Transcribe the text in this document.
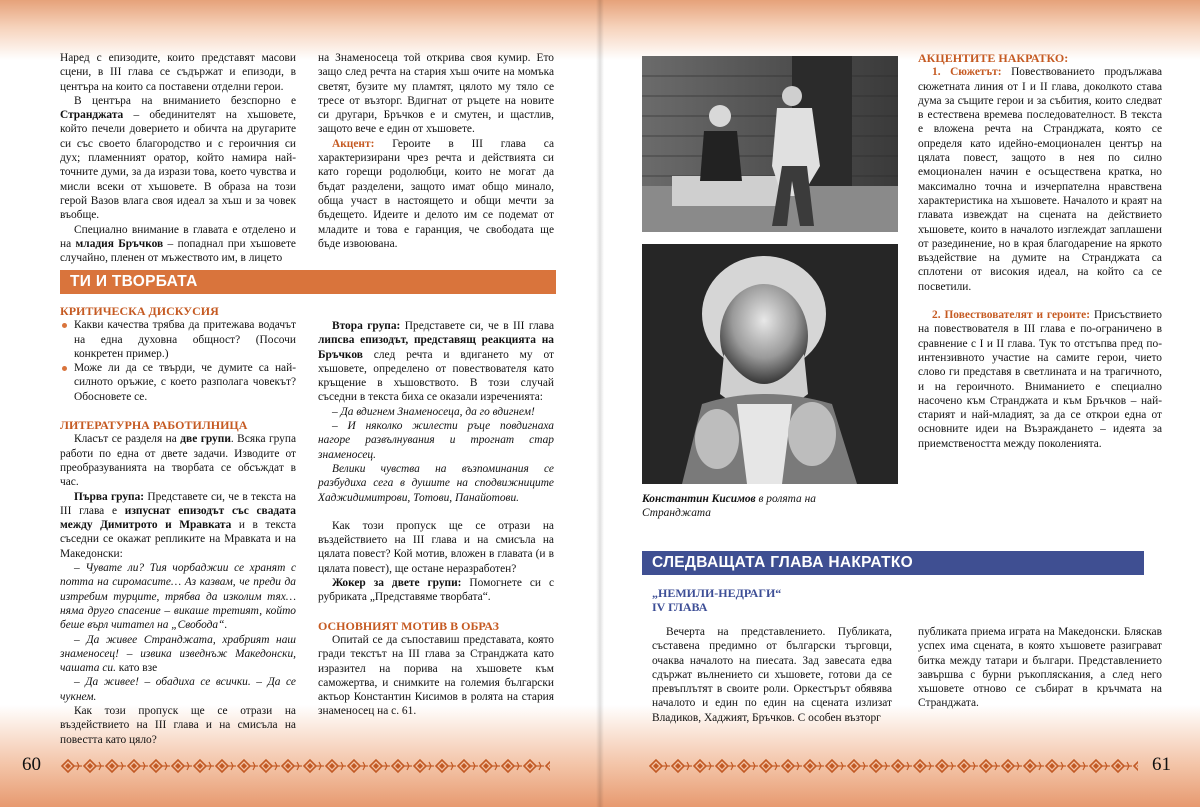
Наред с епизодите, които представят масови сцени, в III глава се съдържат и епизоди, в центъра на които са поставени отделни герои.

В центъра на вниманието безспорно е Странджата – обединителят на хъшовете, който печели доверието и обичта на другарите си със своето благородство и с героичния си дух; пламенният оратор, който намира най-точните думи, за да изрази това, което чувства и мисли всеки от хъшовете. В образа на този герой Вазов влага своя идеал за хъш и за човек въобще.

Специално внимание в главата е отделено и на младия Бръчков – попаднал при хъшовете случайно, пленен от мъжеството им, в лицето

на Знаменосеца той открива своя кумир. Ето защо след речта на стария хъш очите на момъка светят, бузите му пламтят, цялото му тяло се тресе от възторг. Вдигнат от ръцете на новите си другари, Бръчков е и смутен, и щастлив, защото вече е един от хъшовете.

Акцент: Героите в III глава са характеризирани чрез речта и действията си като горещи родолюбци, които не могат да бъдат разделени, защото имат общо минало, обща участ в настоящето и общи мечти за бъдещето. Идеите и делото им се подемат от младите и това е гаранция, че свободата ще бъде извоювана.

ТИ И ТВОРБАТА

КРИТИЧЕСКА ДИСКУСИЯ

Какви качества трябва да притежава водачът на една духовна общност? (Посочи конкретен пример.)
Може ли да се твърди, че думите са най-силното оръжие, с което разполага човекът? Обосновете се.

ЛИТЕРАТУРНА РАБОТИЛНИЦА

Класът се разделя на две групи. Всяка група работи по една от двете задачи. Изводите от преобразуванията на творбата се обсъждат в час.

Първа група: Представете си, че в текста на III глава е изпуснат епизодът със свадата между Димитрото и Мравката и в текста съседни се окажат репликите на Мравката и на Македонски:

– Чувате ли? Тия чорбаджии се хранят с потта на сиромасите… Аз казвам, че преди да изтребим турците, трябва да изколим тях… няма друго спасение – викаше третият, който беше върл читател на „Свобода“.

– Да живее Странджата, храбрият наш знаменосец! – извика изведнъж Македонски, чашата си. като взе

– Да живее! – обадиха се всички. – Да се чукнем.

Как този пропуск ще се отрази на въздействието на III глава и на смисъла на повестта като цяло?

Втора група: Представете си, че в III глава липсва епизодът, представящ реакцията на Бръчков след речта и вдигането му от хъшовете, определено от повествователя като кръщение в хъшовството. В този случай съседни в текста биха се оказали изреченията:

– Да вдигнем Знаменосеца, да го вдигнем!

– И няколко жилести ръце повдигнаха нагоре развълнувания и трогнат стар знаменосец.

Велики чувства на възпоминания се разбудиха сега в душите на сподвижниците Хаджидимитрови, Тотови, Панайотови.

Как този пропуск ще се отрази на въздействието на III глава и на смисъла на цялата повест? Кой мотив, вложен в главата (и в цялата повест), ще остане неразработен?

Жокер за двете групи: Помогнете си с рубриката „Представяме творбата“.

ОСНОВНИЯТ МОТИВ В ОБРАЗ

Опитай се да съпоставиш представата, която гради текстът на III глава за Странджата като изразител на порива на хъшовете към саможертва, и снимките на големия български актьор Константин Кисимов в ролята на стария знаменосец на с. 61.

Константин Кисимов в ролята на Странджата

АКЦЕНТИТЕ НАКРАТКО:

1. Сюжетът: Повествованието продължава сюжетната линия от I и II глава, доколкото става дума за същите герои и за събития, които следват в естествена времева последователност. В текста е вложена речта на Странджата, която се определя като идейно-емоционален център на цялата повест, защото в нея по силно емоционален начин е осъществена кратка, но максимално точна и изчерпателна нравствена характеристика на хъшовете. Началото и краят на главата извеждат на сцената на действието хъшовете, които в началото изглеждат заплашени от разединение, но в края благодарение на яркото въздействие на думите на Странджата са сплотени от високия идеал, на който са се посветили.

2. Повествователят и героите: Присъствието на повествователя в III глава е по-ограничено в сравнение с I и II глава. Тук то отстъпва пред по-интензивното участие на самите герои, чието слово ги представя в светлината и на трагичното, и на героичното. Вниманието е специално насочено към Странджата и към Бръчков – най-старият и най-младият, за да се открои една от основните идеи на Възраждането – идеята за приемствеността между поколенията.

СЛЕДВАЩАТА ГЛАВА НАКРАТКО

„НЕМИЛИ-НЕДРАГИ“

IV ГЛАВА

Вечерта на представлението. Публиката, съставена предимно от български търговци, очаква началото на пиесата. Зад завесата едва сдържат вълнението си хъшовете, готови да се превъплътят в своите роли. Оркестърът обявява началото и един по един на сцената излизат Владиков, Хаджият, Бръчков. С особен възторг

публиката приема играта на Македонски. Бляскав успех има сцената, в която хъшовете разиграват битка между татари и българи. Представлението завършва с бурни ръкопляскания, а след него хъшовете отново се събират в кръчмата на Странджата.

60	61
